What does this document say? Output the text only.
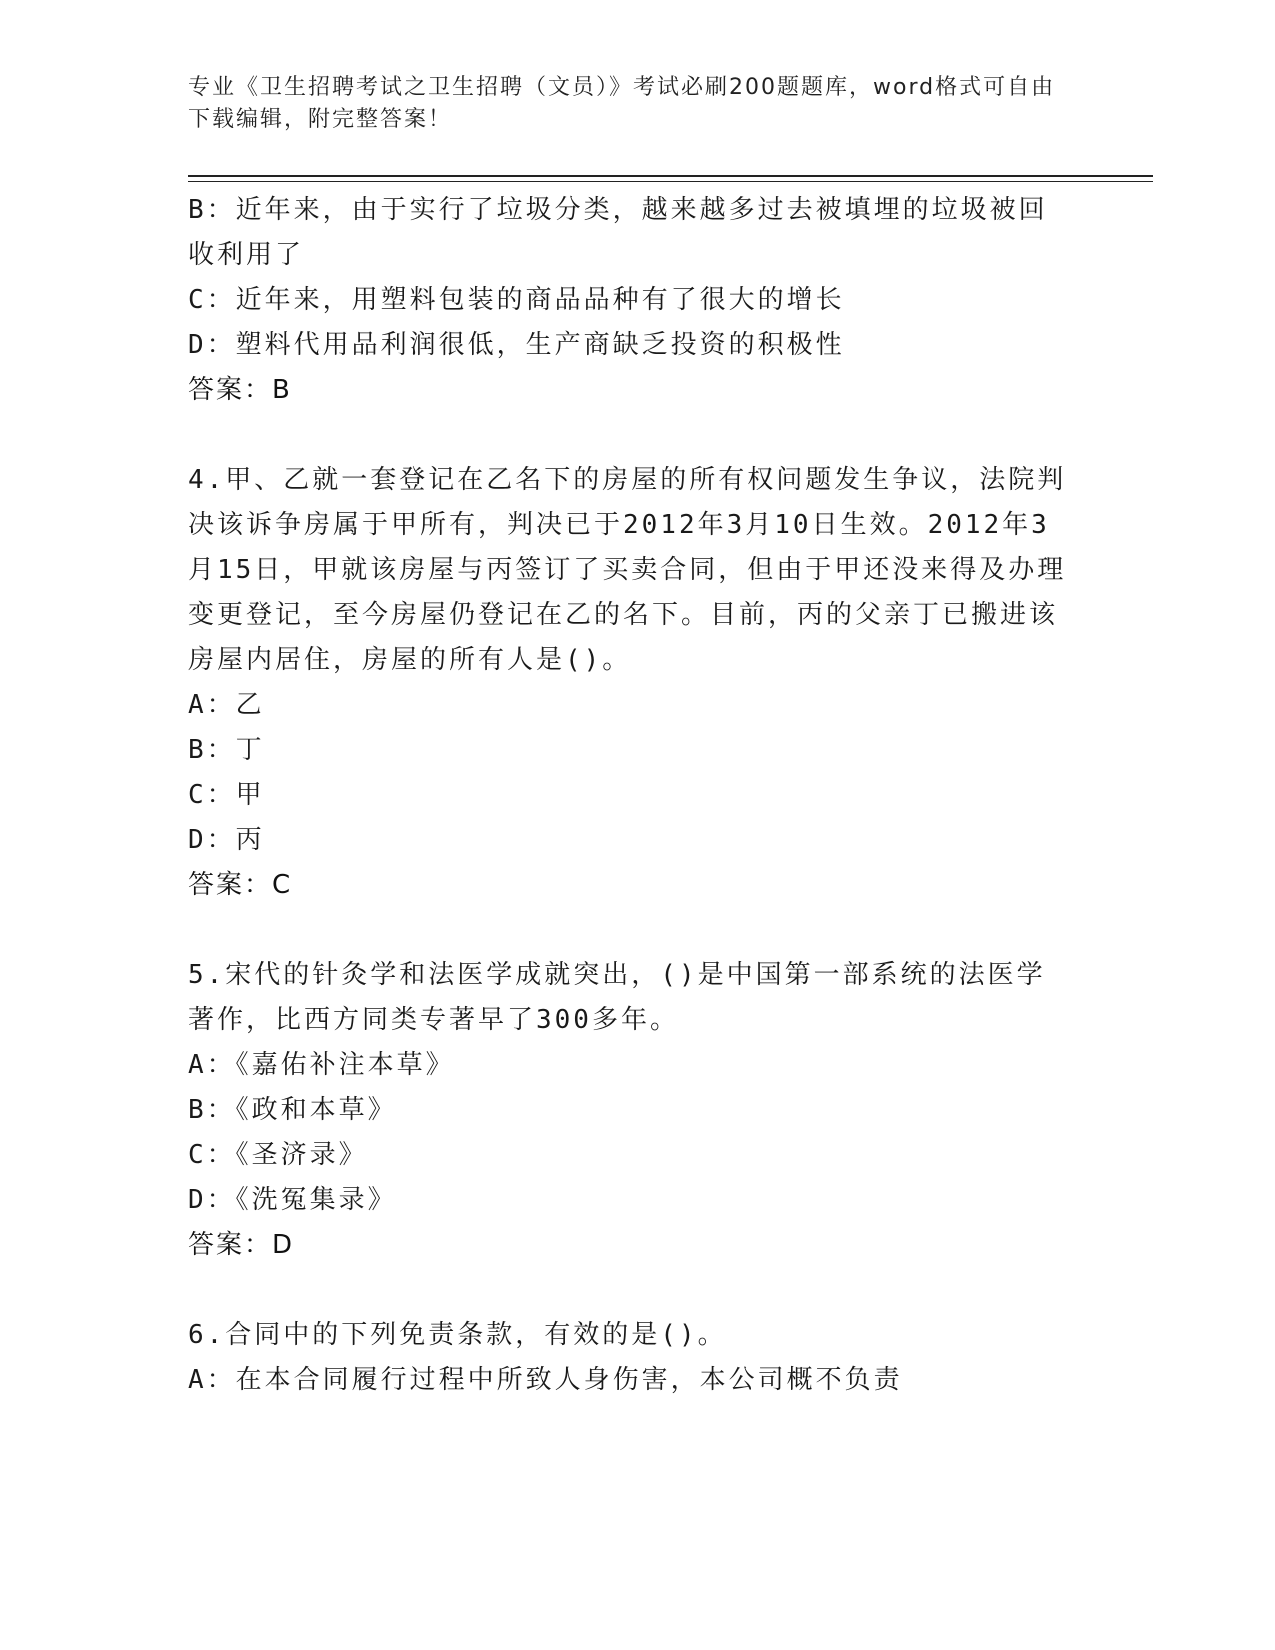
专业《卫生招聘考试之卫生招聘（文员）》考试必刷200题题库，word格式可自由下载编辑，附完整答案！
B：近年来，由于实行了垃圾分类，越来越多过去被填埋的垃圾被回收利用了
C：近年来，用塑料包装的商品品种有了很大的增长
D：塑料代用品利润很低，生产商缺乏投资的积极性
答案：B
4.甲、乙就一套登记在乙名下的房屋的所有权问题发生争议，法院判决该诉争房属于甲所有，判决已于2012年3月10日生效。2012年3月15日，甲就该房屋与丙签订了买卖合同，但由于甲还没来得及办理变更登记，至今房屋仍登记在乙的名下。目前，丙的父亲丁已搬进该房屋内居住，房屋的所有人是()。
A：乙
B：丁
C：甲
D：丙
答案：C
5.宋代的针灸学和法医学成就突出，()是中国第一部系统的法医学著作，比西方同类专著早了300多年。
A：《嘉佑补注本草》
B：《政和本草》
C：《圣济录》
D：《洗冤集录》
答案：D
6.合同中的下列免责条款，有效的是()。
A：在本合同履行过程中所致人身伤害，本公司概不负责
